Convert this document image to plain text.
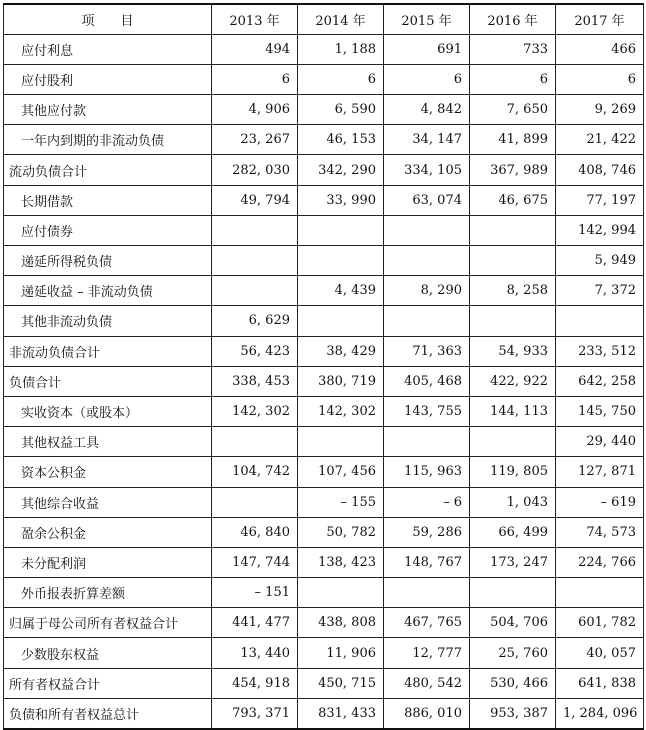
项　　目	2013 年	2014 年	2015 年	2016 年	2017 年
应付利息	494	1, 188	691	733	466
应付股利	6	6	6	6	6
其他应付款	4, 906	6, 590	4, 842	7, 650	9, 269
一年内到期的非流动负债	23, 267	46, 153	34, 147	41, 899	21, 422
流动负债合计	282, 030	342, 290	334, 105	367, 989	408, 746
长期借款	49, 794	33, 990	63, 074	46, 675	77, 197
应付债券					142, 994
递延所得税负债					5, 949
递延收益 – 非流动负债		4, 439	8, 290	8, 258	7, 372
其他非流动负债	6, 629				
非流动负债合计	56, 423	38, 429	71, 363	54, 933	233, 512
负债合计	338, 453	380, 719	405, 468	422, 922	642, 258
实收资本（或股本）	142, 302	142, 302	143, 755	144, 113	145, 750
其他权益工具					29, 440
资本公积金	104, 742	107, 456	115, 963	119, 805	127, 871
其他综合收益		– 155	– 6	1, 043	– 619
盈余公积金	46, 840	50, 782	59, 286	66, 499	74, 573
未分配利润	147, 744	138, 423	148, 767	173, 247	224, 766
外币报表折算差额	– 151				
归属于母公司所有者权益合计	441, 477	438, 808	467, 765	504, 706	601, 782
少数股东权益	13, 440	11, 906	12, 777	25, 760	40, 057
所有者权益合计	454, 918	450, 715	480, 542	530, 466	641, 838
负债和所有者权益总计	793, 371	831, 433	886, 010	953, 387	1, 284, 096
